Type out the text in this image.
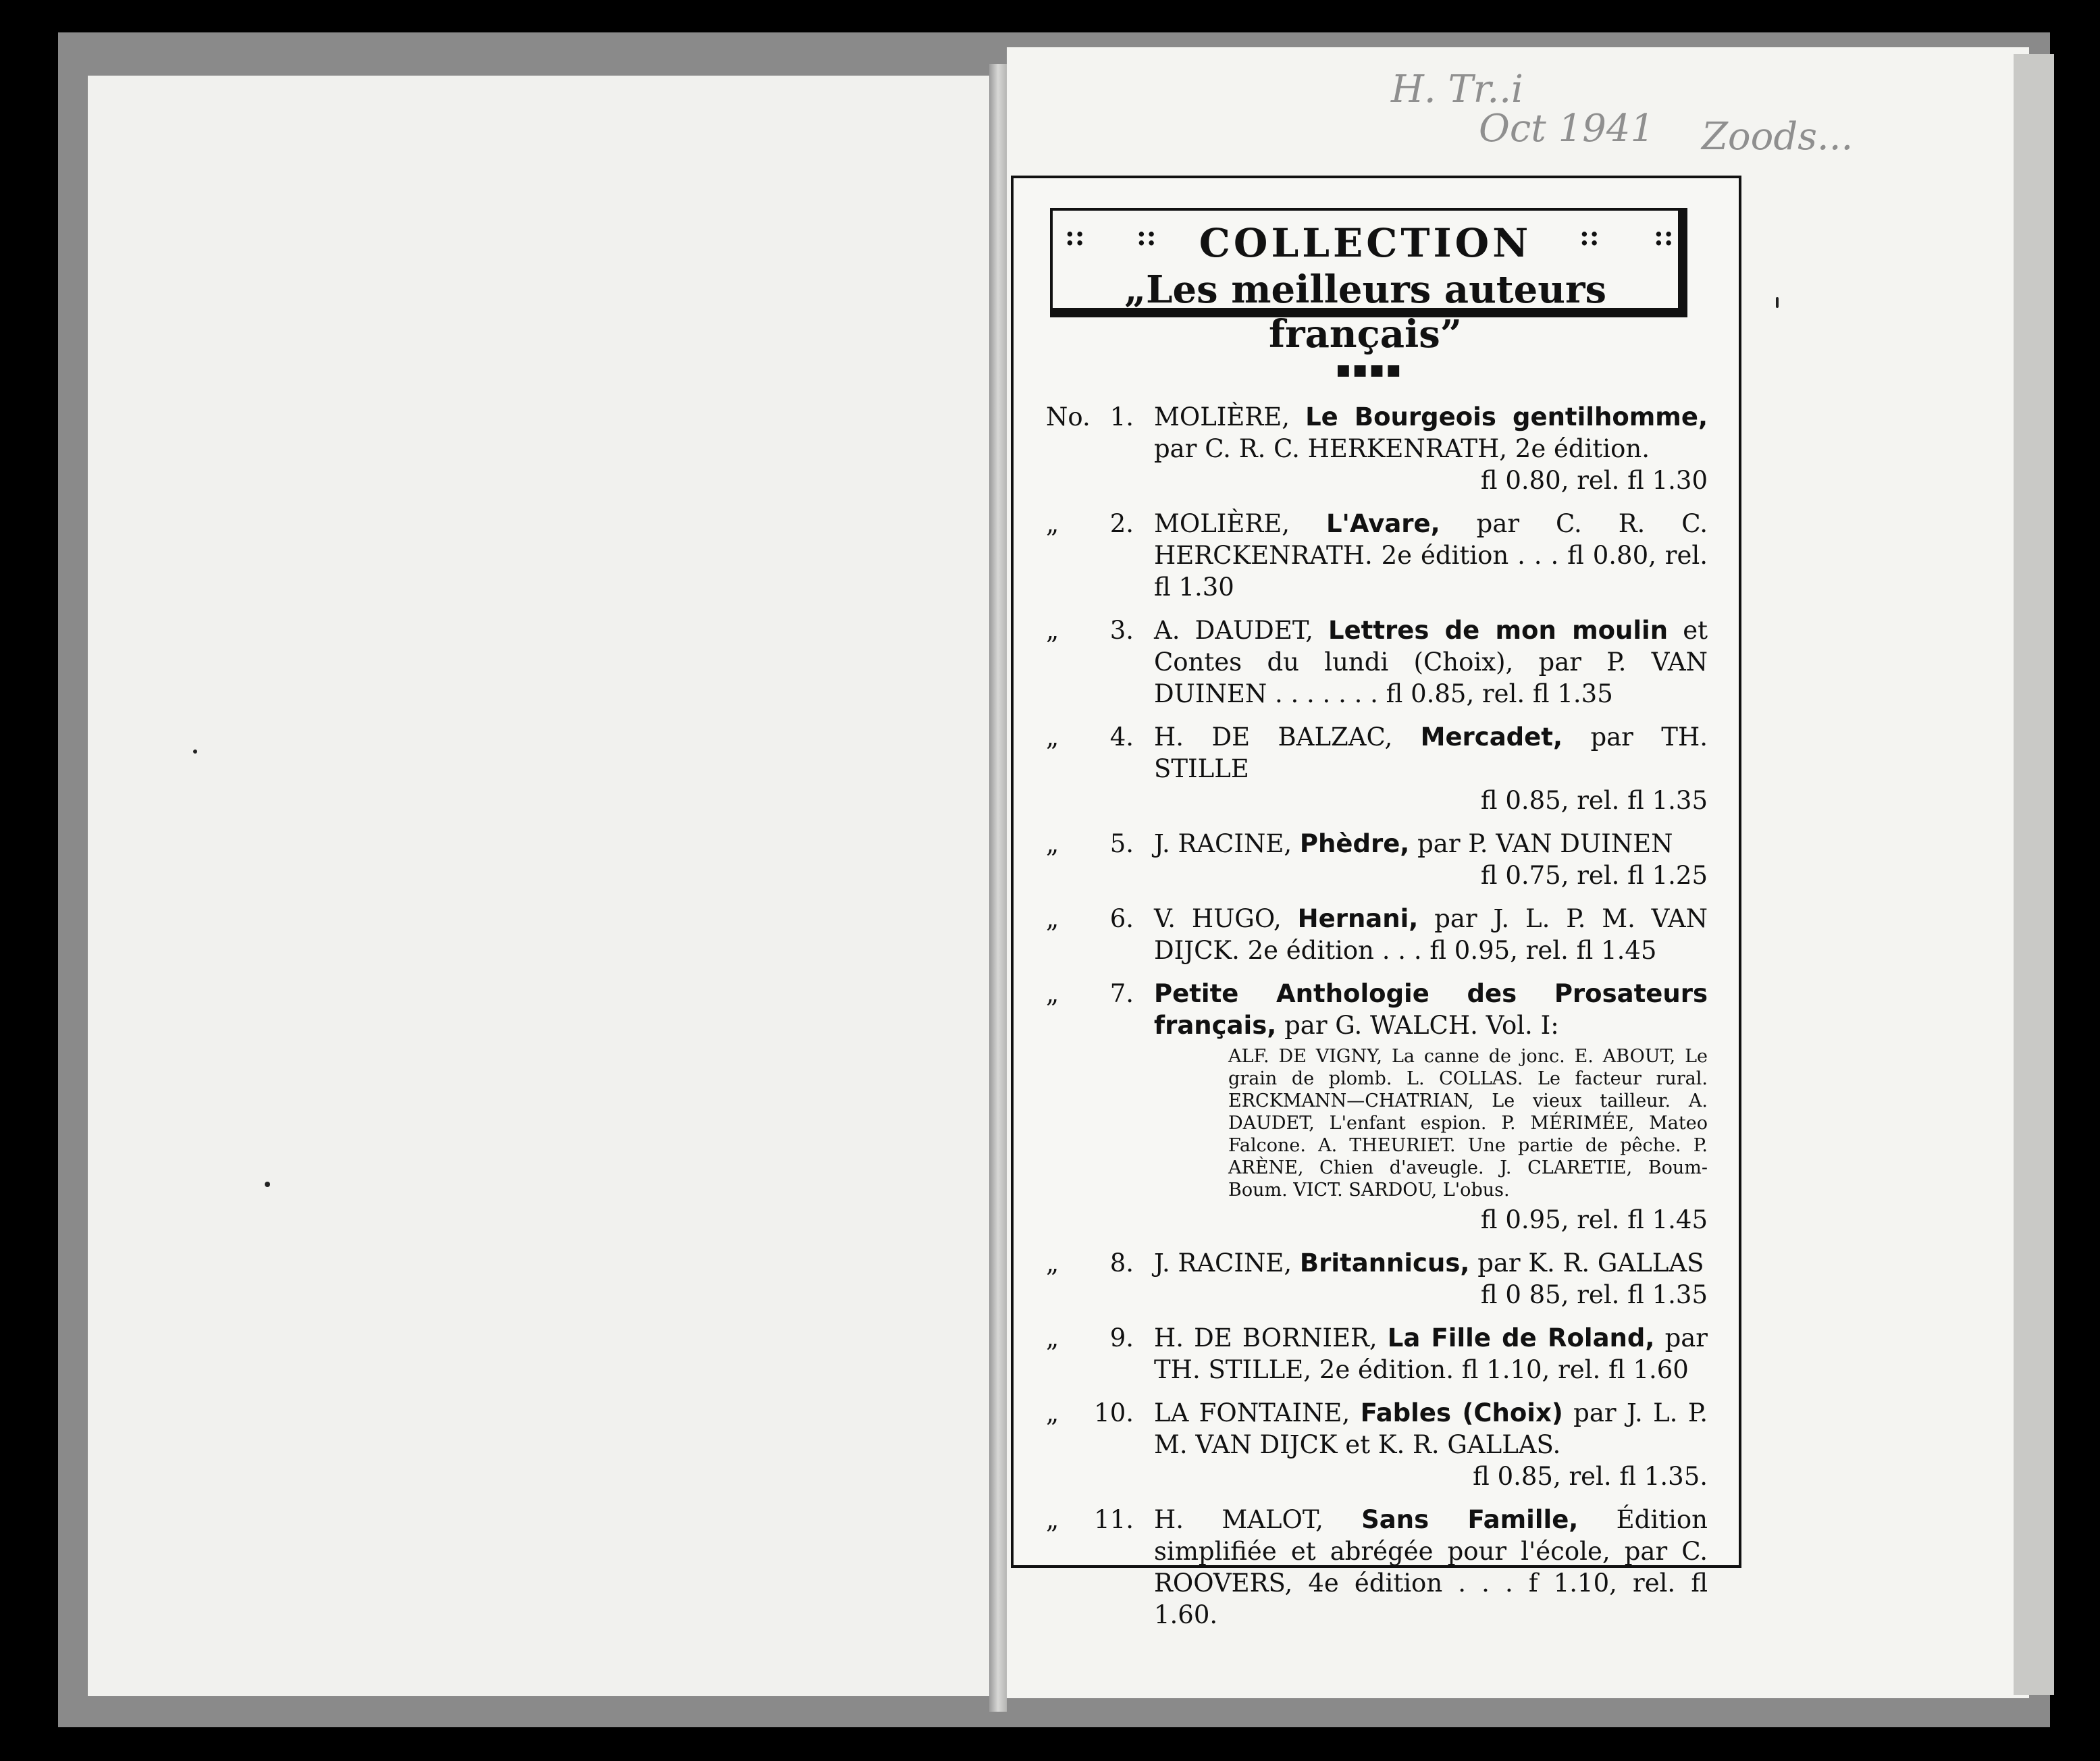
H. Tr..i
Oct 1941 Zoods...
:: :: COLLECTION :: ::
„Les meilleurs auteurs français”
■■■■
No. 1. MOLIÈRE, Le Bourgeois gentilhomme, par C. R. C. HERKENRATH, 2e édition.
fl 0.80, rel. fl 1.30
„	2. MOLIÈRE, L'Avare, par C. R. C. HERCKENRATH. 2e édition . . . fl 0.80, rel. fl 1.30
„	3. A. DAUDET, Lettres de mon moulin et Contes du lundi (Choix), par P. VAN DUINEN . . . . . . . fl 0.85, rel. fl 1.35
„	4. H. DE BALZAC, Mercadet, par TH. STILLE
fl 0.85, rel. fl 1.35
„	5. J. RACINE, Phèdre, par P. VAN DUINEN
fl 0.75, rel. fl 1.25
„	6. V. HUGO, Hernani, par J. L. P. M. VAN DIJCK. 2e édition . . . fl 0.95, rel. fl 1.45
„	7. Petite Anthologie des Prosateurs français, par G. WALCH. Vol. I:
ALF. DE VIGNY, La canne de jonc. E. ABOUT, Le grain de plomb. L. COLLAS. Le facteur rural. ERCKMANN—CHATRIAN, Le vieux tailleur. A. DAUDET, L'enfant espion. P. MÉRIMÉE, Mateo Falcone. A. THEURIET. Une partie de pêche. P. ARÈNE, Chien d'aveugle. J. CLARETIE, Boum-Boum. VICT. SARDOU, L'obus.
fl 0.95, rel. fl 1.45
„	8. J. RACINE, Britannicus, par K. R. GALLAS
fl 0 85, rel. fl 1.35
„	9. H. DE BORNIER, La Fille de Roland, par TH. STILLE, 2e édition. fl 1.10, rel. fl 1.60
„	10. LA FONTAINE, Fables (Choix) par J. L. P. M. VAN DIJCK et K. R. GALLAS.
fl 0.85, rel. fl 1.35.
„	11. H. MALOT, Sans Famille, Édition simplifiée et abrégée pour l'école, par C. ROOVERS, 4e édition . . . f 1.10, rel. fl 1.60.
